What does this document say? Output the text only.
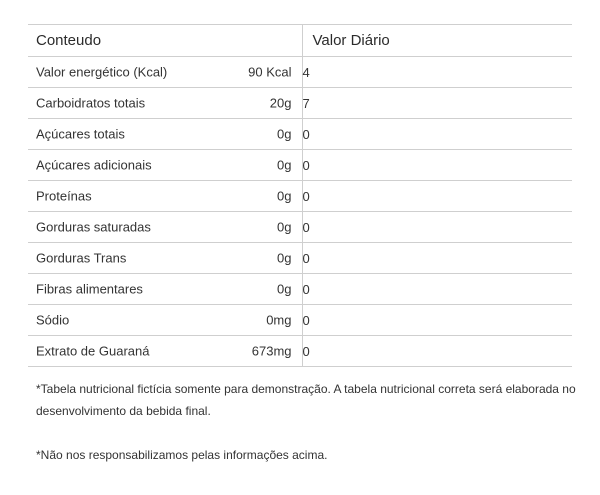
Conteudo	Valor Diário

Valor energético (Kcal) 90 Kcal	4

Carboidratos totais 20g	7

Açúcares totais 0g	0

Açúcares adicionais 0g	0

Proteínas 0g	0

Gorduras saturadas 0g	0

Gorduras Trans 0g	0

Fibras alimentares 0g	0

Sódio 0mg	0

Extrato de Guaraná 673mg	0

*Tabela nutricional fictícia somente para demonstração. A tabela nutricional correta será elaborada no desenvolvimento da bebida final.

*Não nos responsabilizamos pelas informações acima.
